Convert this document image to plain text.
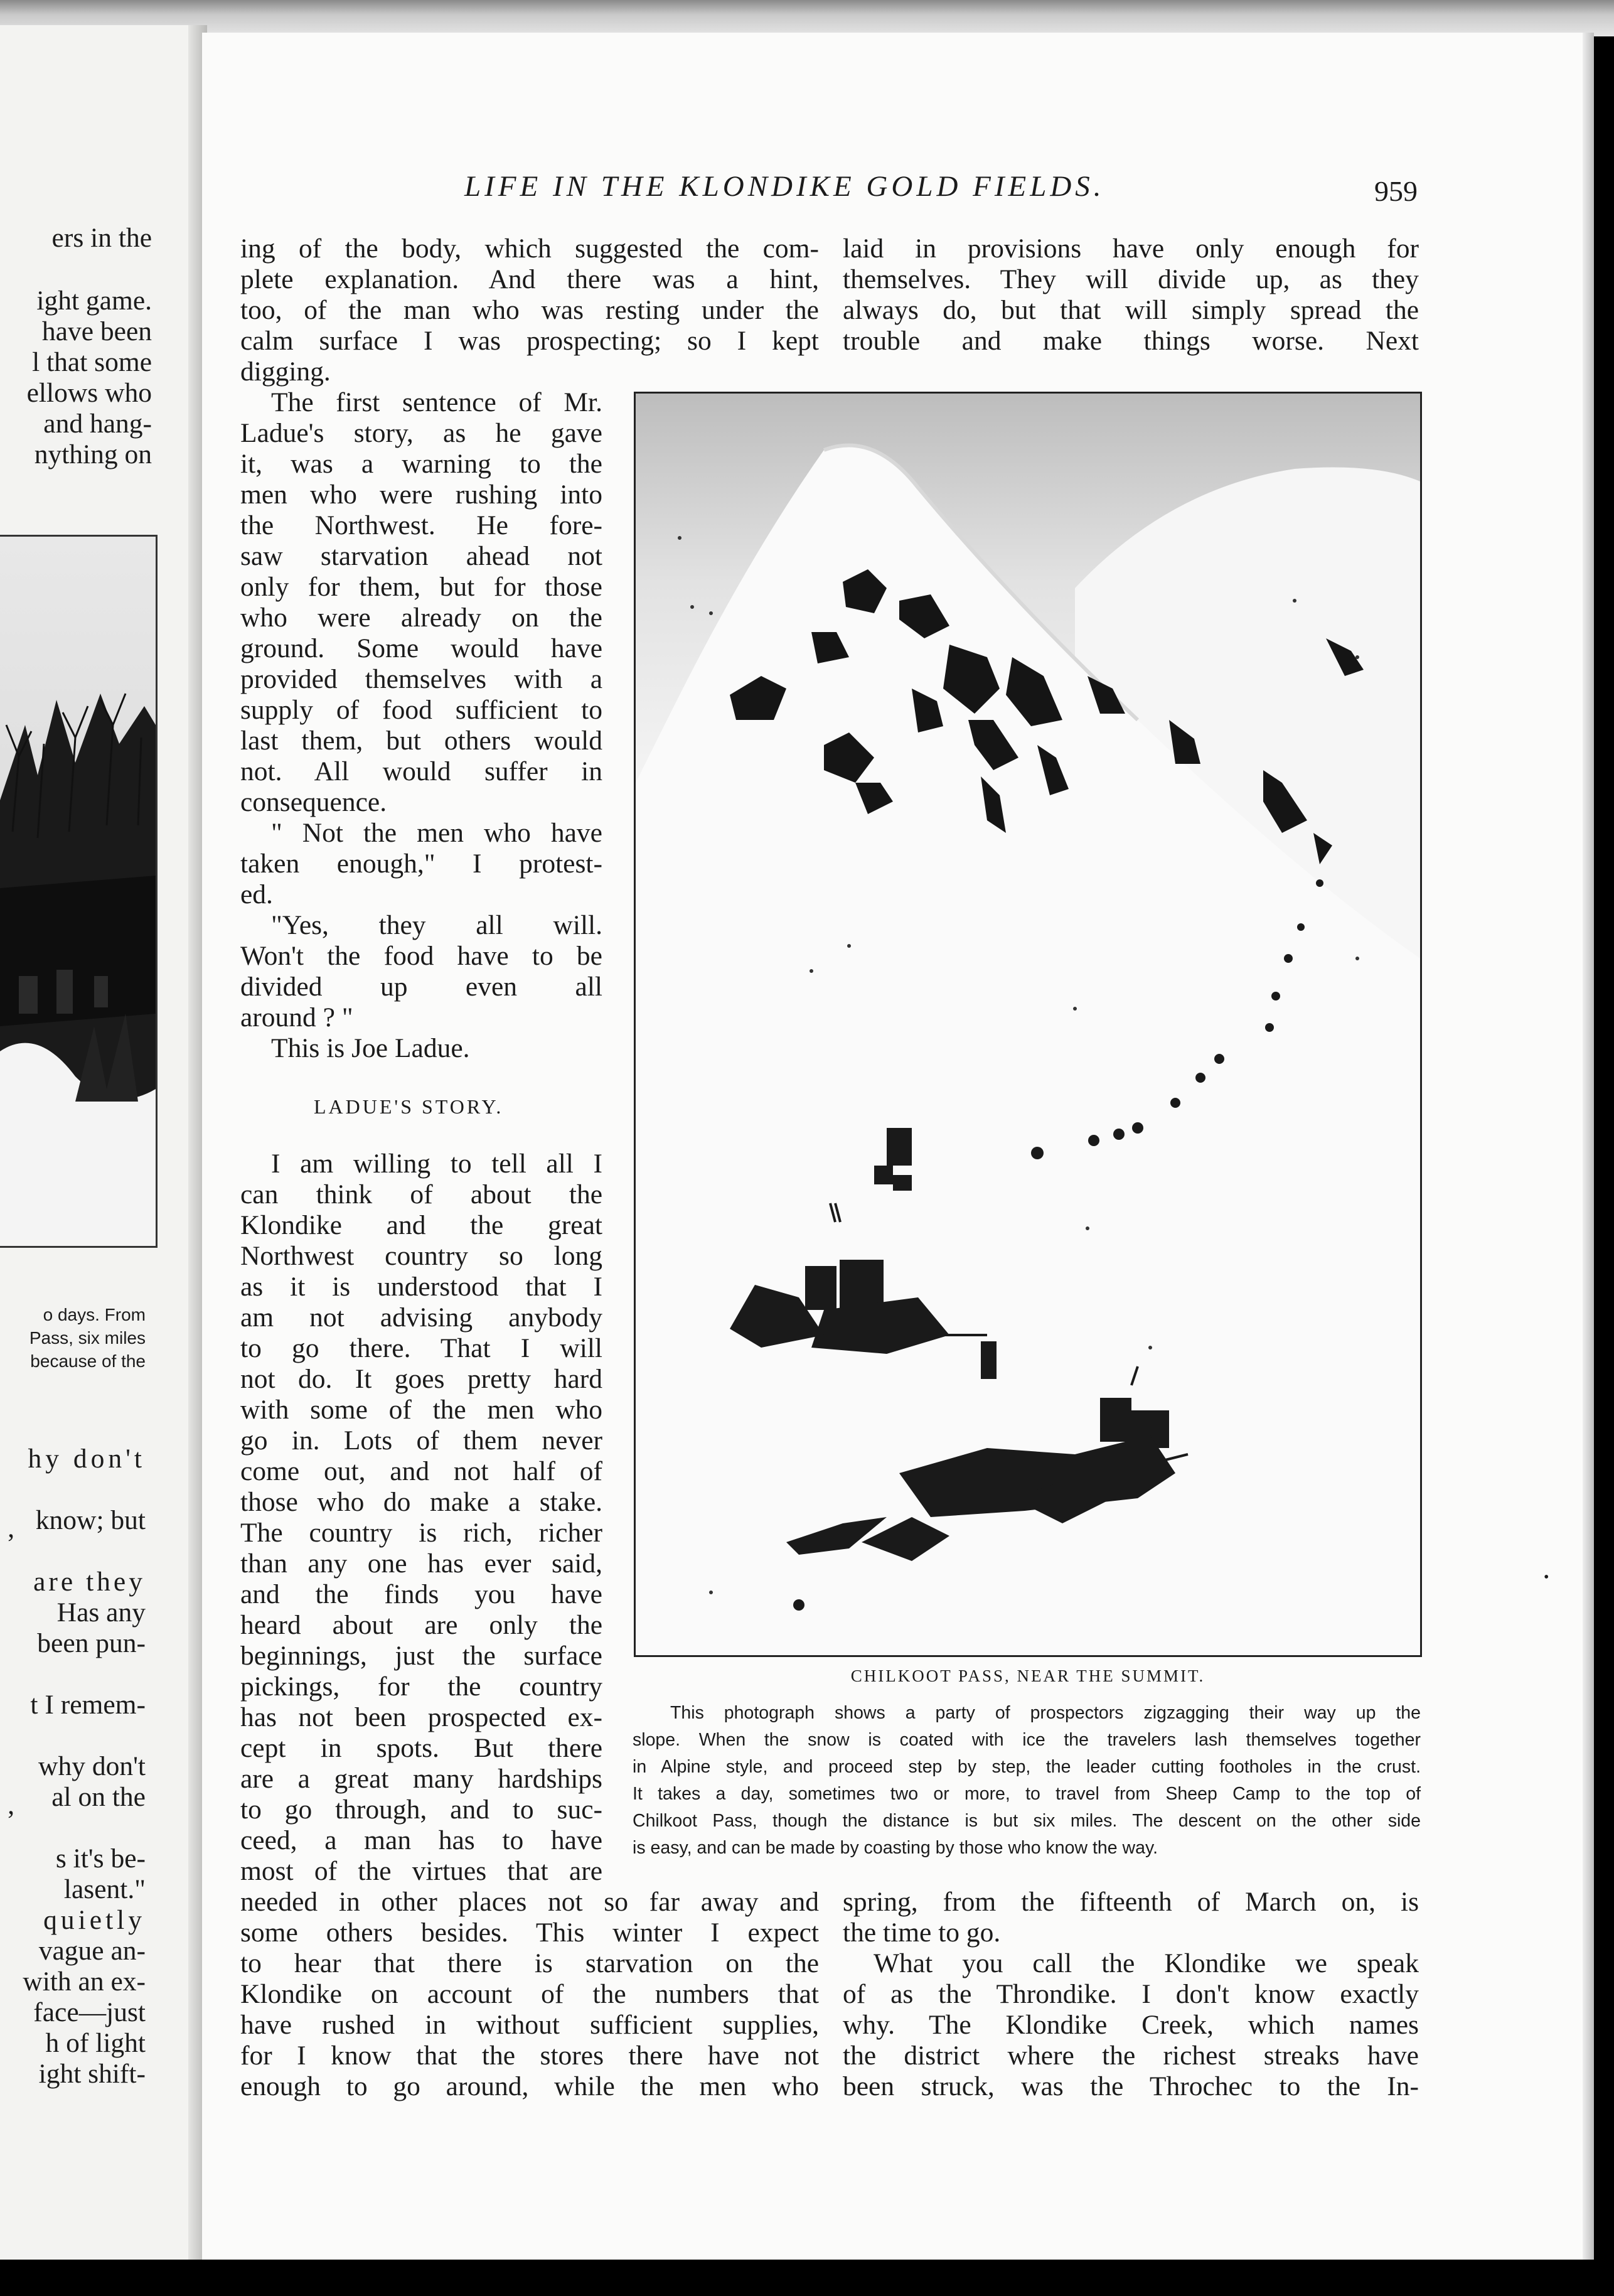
ers in the
ight game.
have been
l that some
ellows who
and hang-
nything on
o days. From
Pass, six miles
because of the
hy don't
know; but
’
are they
Has any
been pun-
t I remem-
why don't
al on the
’
s it's be-
lasent."
quietly
vague an-
with an ex-
face—just
h of light
ight shift-
LIFE IN THE KLONDIKE GOLD FIELDS.	959
ing of the body, which suggested the com-
plete explanation. And there was a hint,
too, of the man who was resting under the
calm surface I was prospecting; so I kept
digging.
laid in provisions have only enough for
themselves. They will divide up, as they
always do, but that will simply spread the
trouble and make things worse. Next
The first sentence of Mr.
Ladue's story, as he gave
it, was a warning to the
men who were rushing into
the Northwest. He fore-
saw starvation ahead not
only for them, but for those
who were already on the
ground. Some would have
provided themselves with a
supply of food sufficient to
last them, but others would
not. All would suffer in
consequence.
" Not the men who have
taken enough," I protest-
ed.
"Yes, they all will.
Won't the food have to be
divided up even all
around ? "
This is Joe Ladue.
LADUE'S STORY.
I am willing to tell all I
can think of about the
Klondike and the great
Northwest country so long
as it is understood that I
am not advising anybody
to go there. That I will
not do. It goes pretty hard
with some of the men who
go in. Lots of them never
come out, and not half of
those who do make a stake.
The country is rich, richer
than any one has ever said,
and the finds you have
heard about are only the
beginnings, just the surface
pickings, for the country
has not been prospected ex-
cept in spots. But there
are a great many hardships
to go through, and to suc-
ceed, a man has to have
most of the virtues that are
CHILKOOT PASS, NEAR THE SUMMIT.
This photograph shows a party of prospectors zigzagging their way up the
slope. When the snow is coated with ice the travelers lash themselves together
in Alpine style, and proceed step by step, the leader cutting footholes in the crust.
It takes a day, sometimes two or more, to travel from Sheep Camp to the top of
Chilkoot Pass, though the distance is but six miles. The descent on the other side
is easy, and can be made by coasting by those who know the way.
needed in other places not so far away and
some others besides. This winter I expect
to hear that there is starvation on the
Klondike on account of the numbers that
have rushed in without sufficient supplies,
for I know that the stores there have not
enough to go around, while the men who
spring, from the fifteenth of March on, is
the time to go.
What you call the Klondike we speak
of as the Throndike. I don't know exactly
why. The Klondike Creek, which names
the district where the richest streaks have
been struck, was the Throchec to the In-
•
